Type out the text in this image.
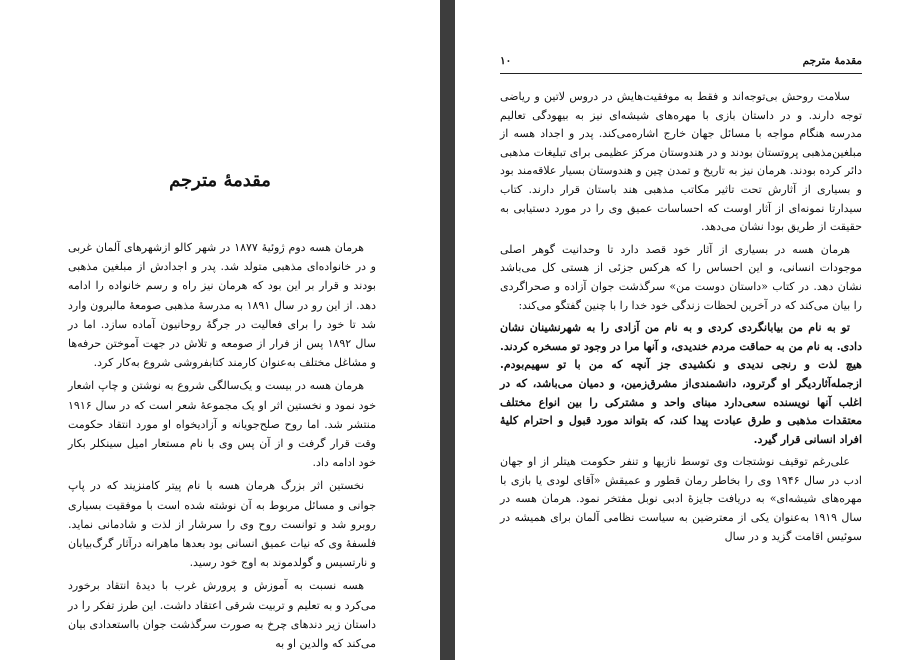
مقدمهٔ مترجم

هرمان هسه دوم ژوئیهٔ ۱۸۷۷ در شهر کالو ازشهرهای آلمان غربی و در خانواده‌ای مذهبی متولد شد. پدر و اجدادش از مبلغین مذهبی بودند و قرار بر این بود که هرمان نیز راه و رسم خانواده را ادامه دهد. از این رو در سال ۱۸۹۱ به مدرسهٔ مذهبی صومعهٔ مالبرون وارد شد تا خود را برای فعالیت در جرگهٔ روحانیون آماده سازد. اما در سال ۱۸۹۲ پس از فرار از صومعه و تلاش در جهت آموختن حرفه‌ها و مشاغل مختلف به‌عنوان کارمند کتابفروشی شروع به‌کار کرد.

هرمان هسه در بیست و یک‌سالگی شروع به نوشتن و چاپ اشعار خود نمود و نخستین اثر او یک مجموعهٔ شعر است که در سال ۱۹۱۶ منتشر شد. اما روح صلح‌جویانه و آزادیخواه او مورد انتقاد حکومت وقت قرار گرفت و از آن پس وی با نام مستعار امیل سینکلر بکار خود ادامه داد.

نخستین اثر بزرگ هرمان هسه با نام پیتر کامنزیند که در پاپ جوانی و مسائل مربوط به آن نوشته شده است با موفقیت بسیاری روبرو شد و توانست روح وی را سرشار از لذت و شادمانی نماید. فلسفهٔ وی که نیات عمیق انسانی بود بعدها ماهرانه درآثار گرگ‌بیابان و نارتسیس و گولد‌موند به اوج خود رسید.

هسه نسبت به آموزش و پرورش غرب با دیدهٔ انتقاد برخورد می‌کرد و به تعلیم و تربیت شرقی اعتقاد داشت. این طرز تفکر را در داستان زیر دندهای چرخ به صورت سرگذشت جوان بااستعدادی بیان می‌کند که والدین او به

مقدمهٔ مترجم
۱۰

سلامت روحش بی‌توجه‌اند و فقط به موفقیت‌هایش در دروس لاتین و ریاضی توجه دارند. و در داستان بازی با مهره‌های شیشه‌ای نیز به بیهودگی تعالیم مدرسه هنگام مواجه با مسائل جهان خارج اشاره‌می‌کند. پدر و اجداد هسه از مبلغین‌مذهبی پروتستان بودند و در هندوستان مرکز عظیمی برای تبلیغات مذهبی دائر کرده بودند. هرمان نیز به تاریخ و تمدن چین و هندوستان بسیار علاقه‌مند بود و بسیاری از آثارش تحت تاثیر مکاتب مذهبی هند باستان قرار دارند. کتاب سیدارتا نمونه‌ای از آثار اوست که احساسات عمیق وی را در مورد دستیابی به حقیقت از طریق بودا نشان می‌دهد.

هرمان هسه در بسیاری از آثار خود قصد دارد تا وحدانیت گوهر اصلی موجودات انسانی، و این احساس را که هرکس جزئی از هستی کل می‌باشد نشان دهد. در کتاب «داستان دوست من» سرگذشت جوان آزاده و صحراگردی را بیان می‌کند که در آخرین لحظات زندگی خود خدا را با چنین گفتگو می‌کند:

تو به نام من بیابانگردی کردی و به نام من آزادی را به شهرنشینان نشان دادی. به نام من به حماقت مردم خندیدی، و آنها مرا در وجود تو مسخره کردند. هیچ لذت و رنجی ندیدی و نکشیدی جز آنچه که من با تو سهیم‌بودم. ازجمله‌آثاردیگر او گرترود، دانشمندی‌از مشرق‌زمین، و دمیان می‌باشد، که در اغلب آنها نویسنده سعی‌دارد مبنای واحد و مشترکی را بین انواع مختلف معتقدات مذهبی و طرق عبادت پیدا کند، که بتواند مورد قبول و احترام کلیهٔ افراد انسانی قرار گیرد.

علی‌رغم توقیف نوشتجات وی توسط نازیها و تنفر حکومت هیتلر از او جهان ادب در سال ۱۹۴۶ وی را بخاطر رمان قطور و عمیقش «آقای لودی یا بازی با مهره‌های شیشه‌ای» به دریافت جایزهٔ ادبی نوبل مفتخر نمود. هرمان هسه در سال ۱۹۱۹ به‌عنوان یکی از معترضین به سیاست نظامی آلمان برای همیشه در سوئیس اقامت گزید و در سال
